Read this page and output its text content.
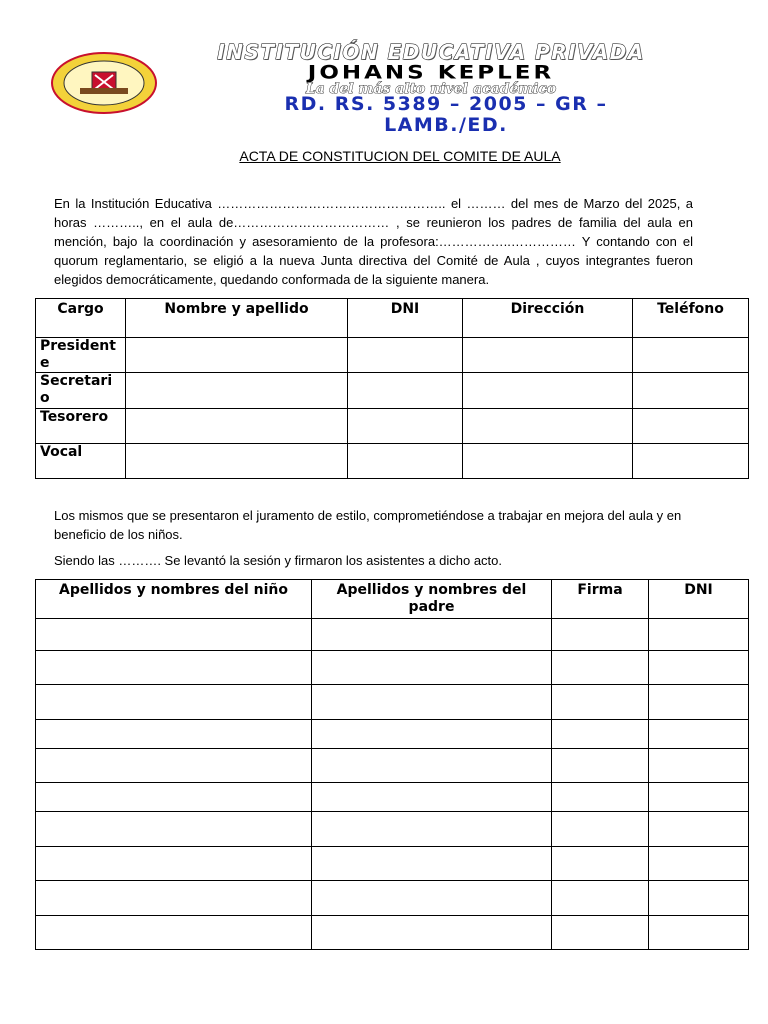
INSTITUCIÓN EDUCATIVA PRIVADA
JOHANS KEPLER
La del más alto nivel académico
RD. RS. 5389 – 2005 – GR –
LAMB./ED.
ACTA DE CONSTITUCION DEL COMITE DE AULA

En la Institución Educativa …………………………………………….. el ……… del mes de Marzo del 2025, a horas ……….., en el aula de……………………………… , se reunieron los padres de familia del aula en mención, bajo la coordinación y asesoramiento de la profesora:……………..…………… Y contando con el quorum reglamentario, se eligió a la nueva Junta directiva del Comité de Aula , cuyos integrantes fueron elegidos democráticamente, quedando conformada de la siguiente manera.

Cargo	Nombre y apellido	DNI	Dirección	Teléfono
Presidente				
Secretario				
Tesorero				
Vocal				

Los mismos que se presentaron el juramento de estilo, comprometiéndose a trabajar en mejora del aula y en beneficio de los niños.

Siendo las ………. Se levantó la sesión y firmaron los asistentes a dicho acto.

Apellidos y nombres del niño	Apellidos y nombres del padre	Firma	DNI
